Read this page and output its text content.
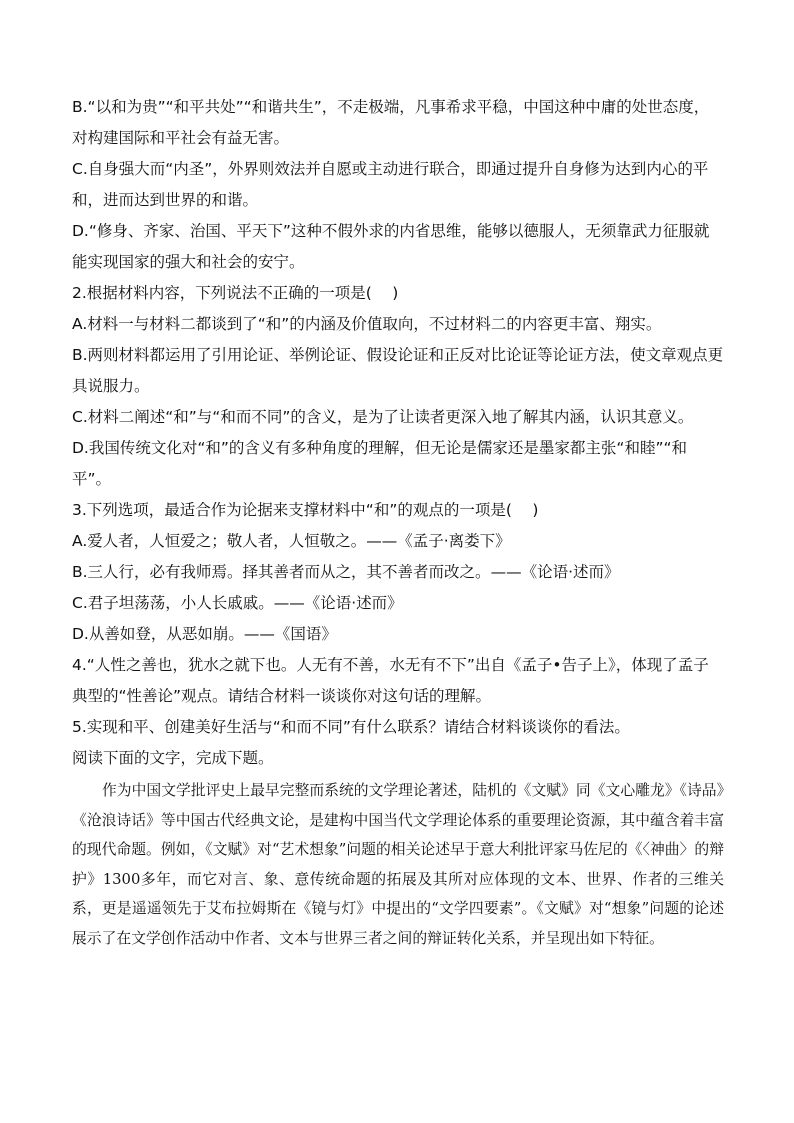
B.“以和为贵”“和平共处”“和谐共生”，不走极端，凡事希求平稳，中国这种中庸的处世态度，对构建国际和平社会有益无害。

C.自身强大而“内圣”，外界则效法并自愿或主动进行联合，即通过提升自身修为达到内心的平和，进而达到世界的和谐。

D.“修身、齐家、治国、平天下”这种不假外求的内省思维，能够以德服人，无须靠武力征服就能实现国家的强大和社会的安宁。

2.根据材料内容，下列说法不正确的一项是(　 )

A.材料一与材料二都谈到了“和”的内涵及价值取向，不过材料二的内容更丰富、翔实。

B.两则材料都运用了引用论证、举例论证、假设论证和正反对比论证等论证方法，使文章观点更具说服力。

C.材料二阐述“和”与“和而不同”的含义，是为了让读者更深入地了解其内涵，认识其意义。

D.我国传统文化对“和”的含义有多种角度的理解，但无论是儒家还是墨家都主张“和睦”“和平”。

3.下列选项，最适合作为论据来支撑材料中“和”的观点的一项是(　 )

A.爱人者，人恒爱之；敬人者，人恒敬之。——《孟子·离娄下》

B.三人行，必有我师焉。择其善者而从之，其不善者而改之。——《论语·述而》

C.君子坦荡荡，小人长戚戚。——《论语·述而》

D.从善如登，从恶如崩。——《国语》

4.“人性之善也，犹水之就下也。人无有不善，水无有不下”出自《孟子•告子上》，体现了孟子典型的“性善论”观点。请结合材料一谈谈你对这句话的理解。

5.实现和平、创建美好生活与“和而不同”有什么联系？请结合材料谈谈你的看法。

阅读下面的文字，完成下题。

作为中国文学批评史上最早完整而系统的文学理论著述，陆机的《文赋》同《文心雕龙》《诗品》《沧浪诗话》等中国古代经典文论，是建构中国当代文学理论体系的重要理论资源，其中蕴含着丰富的现代命题。例如，《文赋》对“艺术想象”问题的相关论述早于意大利批评家马佐尼的《〈神曲〉的辩护》1300多年，而它对言、象、意传统命题的拓展及其所对应体现的文本、世界、作者的三维关系，更是遥遥领先于艾布拉姆斯在《镜与灯》中提出的“文学四要素”。《文赋》对“想象”问题的论述展示了在文学创作活动中作者、文本与世界三者之间的辩证转化关系，并呈现出如下特征。
